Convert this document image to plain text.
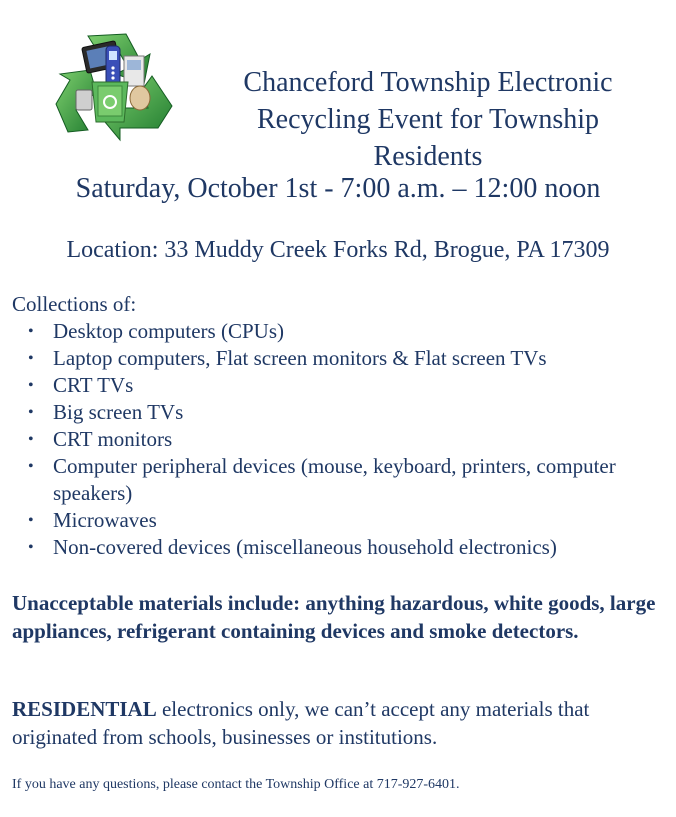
Chanceford Township Electronic Recycling Event for Township Residents
Saturday, October 1st - 7:00 a.m. – 12:00 noon
Location: 33 Muddy Creek Forks Rd, Brogue, PA 17309
Collections of:
• Desktop computers (CPUs)
• Laptop computers, Flat screen monitors & Flat screen TVs
• CRT TVs
• Big screen TVs
• CRT monitors
• Computer peripheral devices (mouse, keyboard, printers, computer speakers)
• Microwaves
• Non-covered devices (miscellaneous household electronics)

Unacceptable materials include: anything hazardous, white goods, large appliances, refrigerant containing devices and smoke detectors.

RESIDENTIAL electronics only, we can’t accept any materials that originated from schools, businesses or institutions.

If you have any questions, please contact the Township Office at 717-927-6401.
